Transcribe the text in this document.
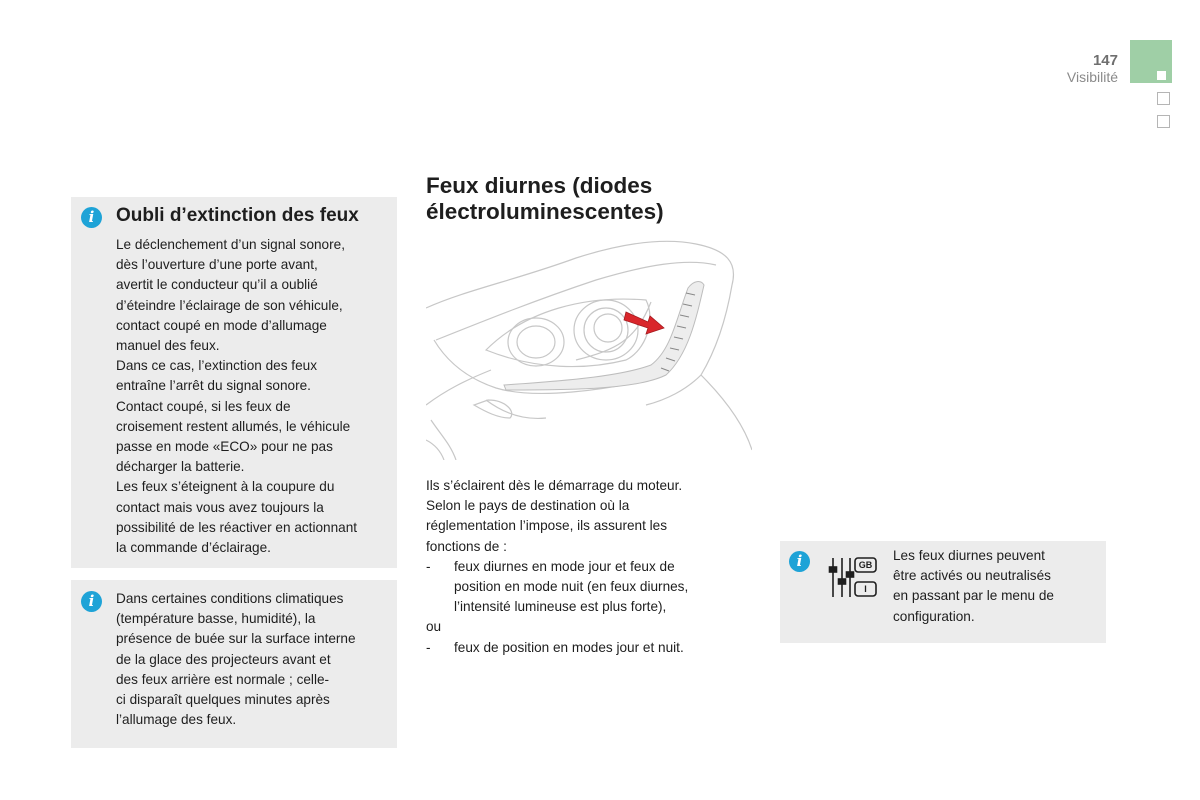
147
Visibilité
i	Oubli d’extinction des feux

Le déclenchement d’un signal sonore,

dès l’ouverture d’une porte avant,

avertit le conducteur qu’il a oublié

d’éteindre l’éclairage de son véhicule,

contact coupé en mode d’allumage

manuel des feux.

Dans ce cas, l’extinction des feux

entraîne l’arrêt du signal sonore.

Contact coupé, si les feux de

croisement restent allumés, le véhicule

passe en mode «ECO» pour ne pas

décharger la batterie.

Les feux s’éteignent à la coupure du

contact mais vous avez toujours la

possibilité de les réactiver en actionnant

la commande d’éclairage.

i	Dans certaines conditions climatiques

(température basse, humidité), la

présence de buée sur la surface interne

de la glace des projecteurs avant et

des feux arrière est normale ; celle-

ci disparaît quelques minutes après

l’allumage des feux.

Feux diurnes (diodes
électroluminescentes)

Ils s’éclairent dès le démarrage du moteur.

Selon le pays de destination où la

réglementation l’impose, ils assurent les

fonctions de :

- feux diurnes en mode jour et feux de

position en mode nuit (en feux diurnes,

l’intensité lumineuse est plus forte),

ou

- feux de position en modes jour et nuit.

i	GB
I

Les feux diurnes peuvent

être activés ou neutralisés

en passant par le menu de

configuration.
